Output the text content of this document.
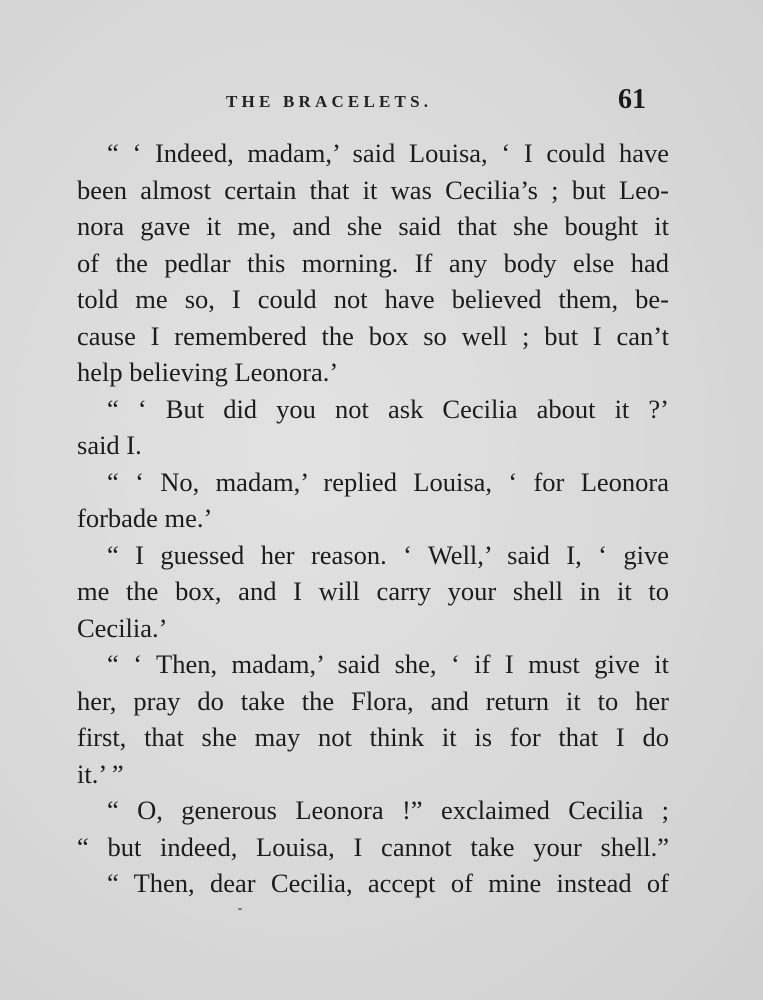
THE BRACELETS.	61
“ ‘ Indeed, madam,’ said Louisa, ‘ I could have
been almost certain that it was Cecilia’s ; but Leo-
nora gave it me, and she said that she bought it
of the pedlar this morning. If any body else had
told me so, I could not have believed them, be-
cause I remembered the box so well ; but I can’t
help believing Leonora.’
“ ‘ But did you not ask Cecilia about it ?’
said I.
“ ‘ No, madam,’ replied Louisa, ‘ for Leonora
forbade me.’
“ I guessed her reason. ‘ Well,’ said I, ‘ give
me the box, and I will carry your shell in it to
Cecilia.’
“ ‘ Then, madam,’ said she, ‘ if I must give it
her, pray do take the Flora, and return it to her
first, that she may not think it is for that I do
it.’ ”
“ O, generous Leonora !” exclaimed Cecilia ;
“ but indeed, Louisa, I cannot take your shell.”
“ Then, dear Cecilia, accept of mine instead of
